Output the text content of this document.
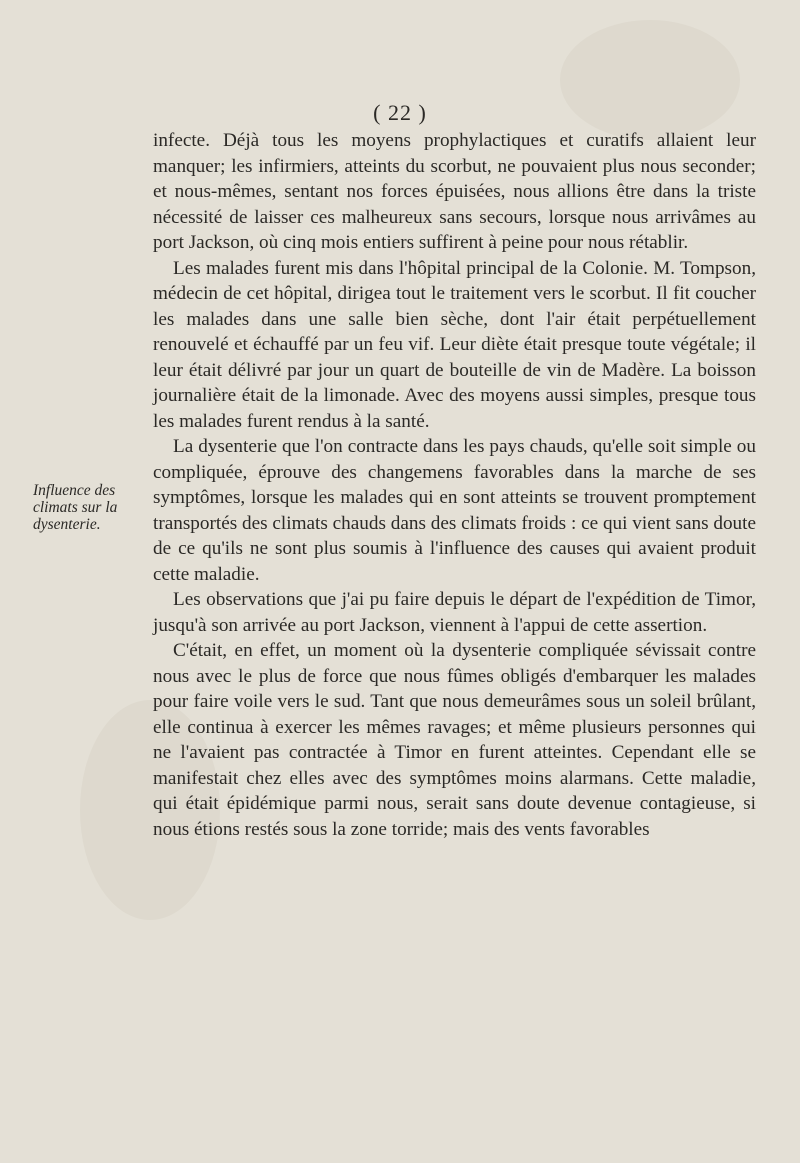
( 22 )
Influence des
climats sur la
dysenterie.

infecte. Déjà tous les moyens prophylactiques et curatifs allaient leur manquer; les infirmiers, atteints du scorbut, ne pouvaient plus nous seconder; et nous-mêmes, sentant nos forces épuisées, nous allions être dans la triste nécessité de laisser ces malheureux sans secours, lorsque nous arrivâmes au port Jackson, où cinq mois entiers suffirent à peine pour nous rétablir.

Les malades furent mis dans l'hôpital principal de la Colonie. M. Tompson, médecin de cet hôpital, dirigea tout le traitement vers le scorbut. Il fit coucher les malades dans une salle bien sèche, dont l'air était perpétuellement renouvelé et échauffé par un feu vif. Leur diète était presque toute végétale; il leur était délivré par jour un quart de bouteille de vin de Madère. La boisson journalière était de la limonade. Avec des moyens aussi simples, presque tous les malades furent rendus à la santé.

La dysenterie que l'on contracte dans les pays chauds, qu'elle soit simple ou compliquée, éprouve des changemens favorables dans la marche de ses symptômes, lorsque les malades qui en sont atteints se trouvent promptement transportés des climats chauds dans des climats froids : ce qui vient sans doute de ce qu'ils ne sont plus soumis à l'influence des causes qui avaient produit cette maladie.

Les observations que j'ai pu faire depuis le départ de l'expédition de Timor, jusqu'à son arrivée au port Jackson, viennent à l'appui de cette assertion.

C'était, en effet, un moment où la dysenterie compliquée sévissait contre nous avec le plus de force que nous fûmes obligés d'embarquer les malades pour faire voile vers le sud. Tant que nous demeurâmes sous un soleil brûlant, elle continua à exercer les mêmes ravages; et même plusieurs personnes qui ne l'avaient pas contractée à Timor en furent atteintes. Cependant elle se manifestait chez elles avec des symptômes moins alarmans. Cette maladie, qui était épidémique parmi nous, serait sans doute devenue contagieuse, si nous étions restés sous la zone torride; mais des vents favorables
